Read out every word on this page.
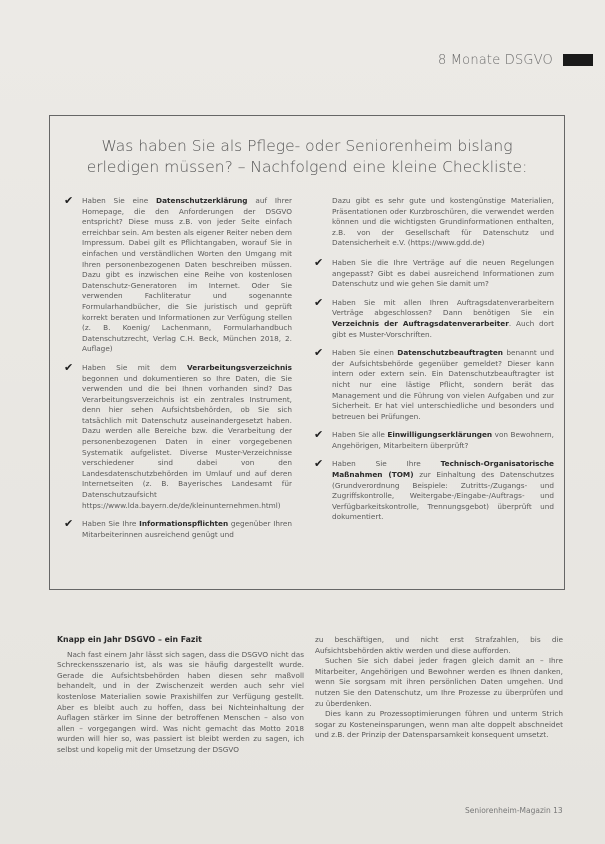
8 Monate DSGVO
Was haben Sie als Pflege- oder Seniorenheim bislang
erledigen müssen? – Nachfolgend eine kleine Checkliste:
✔	Haben Sie eine Datenschutzerklärung auf Ihrer Homepage, die den Anforderungen der DSGVO entspricht? Diese muss z.B. von jeder Seite einfach erreichbar sein. Am besten als eigener Reiter neben dem Impressum. Dabei gilt es Pflichtangaben, worauf Sie in einfachen und verständlichen Worten den Umgang mit Ihren personenbezogenen Daten beschreiben müssen. Dazu gibt es inzwischen eine Reihe von kostenlosen Datenschutz-Generatoren im Internet. Oder Sie verwenden Fachliteratur und sogenannte Formularhandbücher, die Sie juristisch und geprüft korrekt beraten und Informationen zur Verfügung stellen (z. B. Koenig/ Lachenmann, Formularhandbuch Datenschutzrecht, Verlag C.H. Beck, München 2018, 2. Auflage)
✔	Haben Sie mit dem Verarbeitungsverzeichnis begonnen und dokumentieren so Ihre Daten, die Sie verwenden und die bei Ihnen vorhanden sind? Das Verarbeitungsverzeichnis ist ein zentrales Instrument, denn hier sehen Aufsichtsbehörden, ob Sie sich tatsächlich mit Datenschutz auseinandergesetzt haben. Dazu werden alle Bereiche bzw. die Verarbeitung der personenbezogenen Daten in einer vorgegebenen Systematik aufgelistet. Diverse Muster-Verzeichnisse verschiedener sind dabei von den Landesdatenschutzbehörden im Umlauf und auf deren Internetseiten (z. B. Bayerisches Landesamt für Datenschutzaufsicht https://www.lda.bayern.de/de/kleinunternehmen.html)
✔	Haben Sie Ihre Informationspflichten gegenüber Ihren Mitarbeiterinnen ausreichend genügt und
Dazu gibt es sehr gute und kostengünstige Materialien, Präsentationen oder Kurzbroschüren, die verwendet werden können und die wichtigsten Grundinformationen enthalten, z.B. von der Gesellschaft für Datenschutz und Datensicherheit e.V. (https://www.gdd.de)
✔	Haben Sie die Ihre Verträge auf die neuen Regelungen angepasst? Gibt es dabei ausreichend Informationen zum Datenschutz und wie gehen Sie damit um?
✔	Haben Sie mit allen Ihren Auftragsdatenverarbeitern Verträge abgeschlossen? Dann benötigen Sie ein Verzeichnis der Auftragsdatenverarbeiter. Auch dort gibt es Muster-Vorschriften.
✔	Haben Sie einen Datenschutzbeauftragten benannt und der Aufsichtsbehörde gegenüber gemeldet? Dieser kann intern oder extern sein. Ein Datenschutzbeauftragter ist nicht nur eine lästige Pflicht, sondern berät das Management und die Führung von vielen Aufgaben und zur Sicherheit. Er hat viel unterschiedliche und besonders und betreuen bei Prüfungen.
✔	Haben Sie alle Einwilligungserklärungen von Bewohnern, Angehörigen, Mitarbeitern überprüft?
✔	Haben Sie Ihre Technisch-Organisatorische Maßnahmen (TOM) zur Einhaltung des Datenschutzes (Grundverordnung Beispiele: Zutritts-/Zugangs- und Zugriffskontrolle, Weitergabe-/Eingabe-/Auftrags- und Verfügbarkeitskontrolle, Trennungsgebot) überprüft und dokumentiert.
Knapp ein Jahr DSGVO – ein Fazit

Nach fast einem Jahr lässt sich sagen, dass die DSGVO nicht das Schreckensszenario ist, als was sie häufig dargestellt wurde. Gerade die Aufsichtsbehörden haben diesen sehr maßvoll behandelt, und in der Zwischenzeit werden auch sehr viel kostenlose Materialien sowie Praxishilfen zur Verfügung gestellt. Aber es bleibt auch zu hoffen, dass bei Nichteinhaltung der Auflagen stärker im Sinne der betroffenen Menschen – also von allen – vorgegangen wird. Was nicht gemacht das Motto 2018 wurden will hier so, was passiert ist bleibt werden zu sagen, ich selbst und kopelig mit der Umsetzung der DSGVO

zu beschäftigen, und nicht erst Strafzahlen, bis die Aufsichtsbehörden aktiv werden und diese aufforden.

Suchen Sie sich dabei jeder fragen gleich damit an – Ihre Mitarbeiter, Angehörigen und Bewohner werden es Ihnen danken, wenn Sie sorgsam mit ihren persönlichen Daten umgehen. Und nutzen Sie den Datenschutz, um Ihre Prozesse zu überprüfen und zu überdenken.

Dies kann zu Prozessoptimierungen führen und unterm Strich sogar zu Kosteneinsparungen, wenn man alte doppelt abschneidet und z.B. der Prinzip der Datensparsamkeit konsequent umsetzt.

Seniorenheim-Magazin 13
